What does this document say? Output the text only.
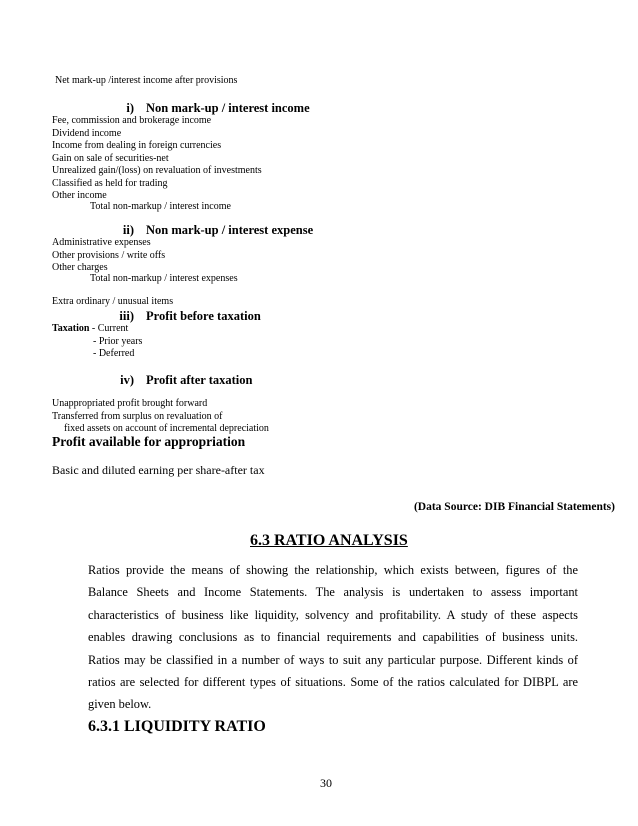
Net mark-up /interest income after provisions
i) Non mark-up / interest income
Fee, commission and brokerage income
Dividend income
Income from dealing in foreign currencies
Gain on sale of securities-net
Unrealized gain/(loss) on revaluation of investments
Classified as held for trading
Other income
Total non-markup / interest income
ii) Non mark-up / interest expense
Administrative expenses
Other provisions / write offs
Other charges
Total non-markup / interest expenses
Extra ordinary / unusual items
iii) Profit before taxation
Taxation - Current
- Prior years
- Deferred
iv) Profit after taxation
Unappropriated profit brought forward
Transferred from surplus on revaluation of
fixed assets on account of incremental depreciation
Profit available for appropriation
Basic and diluted earning per share-after tax
(Data Source: DIB Financial Statements)
6.3 RATIO ANALYSIS
Ratios provide the means of showing the relationship, which exists between, figures of the
Balance Sheets and Income Statements. The analysis is undertaken to assess important
characteristics of business like liquidity, solvency and profitability. A study of these aspects
enables drawing conclusions as to financial requirements and capabilities of business units.
Ratios may be classified in a number of ways to suit any particular purpose. Different kinds of
ratios are selected for different types of situations. Some of the ratios calculated for DIBPL are
given below.
6.3.1 LIQUIDITY RATIO
30
